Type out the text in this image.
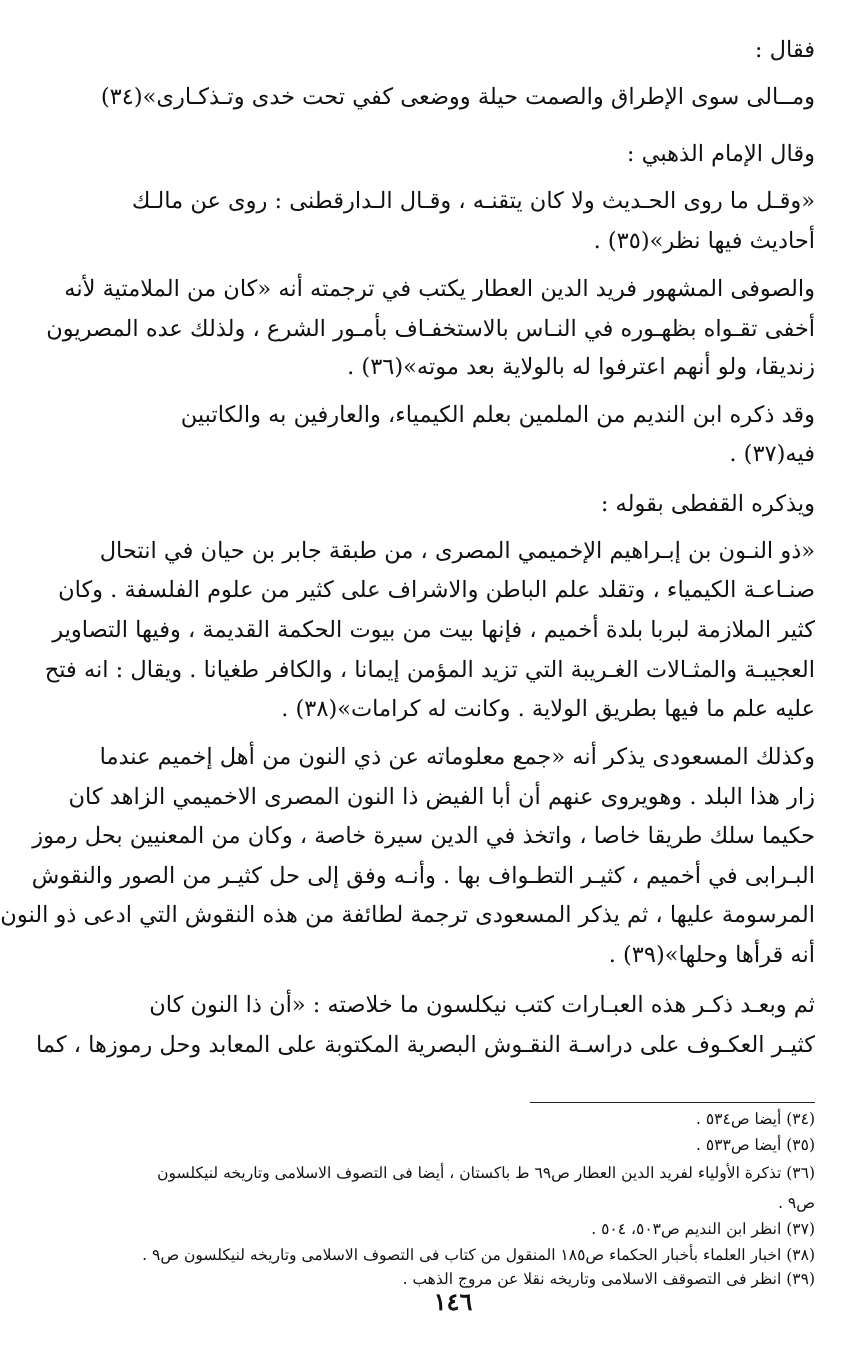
فقال :
ومــالى سوى الإطراق والصمت حيلة ووضعى كفي تحت خدى وتـذكـارى»(٣٤)
وقال الإمام الذهبي :
«وقـل ما روى الحـديث ولا كان يتقنـه ، وقـال الـدارقطنى : روى عن مالـك
أحاديث فيها نظر»(٣٥) .
والصوفى المشهور فريد الدين العطار يكتب في ترجمته أنه «كان من الملامتية لأنه
أخفى تقـواه بظهـوره في النـاس بالاستخفـاف بأمـور الشرع ، ولذلك عده المصريون
زنديقا، ولو أنهم اعترفوا له بالولاية بعد موته»(٣٦) .
وقد ذكره ابن النديم من الملمين بعلم الكيمياء، والعارفين به والكاتبين
فيه(٣٧) .
ويذكره القفطى بقوله :
«ذو النـون بن إبـراهيم الإخميمي المصرى ، من طبقة جابر بن حيان في انتحال
صنـاعـة الكيمياء ، وتقلد علم الباطن والاشراف على كثير من علوم الفلسفة . وكان
كثير الملازمة لبربا بلدة أخميم ، فإنها بيت من بيوت الحكمة القديمة ، وفيها التصاوير
العجيبـة والمثـالات الغـريبة التي تزيد المؤمن إيمانا ، والكافر طغيانا . ويقال : انه فتح
عليه علم ما فيها بطريق الولاية . وكانت له كرامات»(٣٨) .
وكذلك المسعودى يذكر أنه «جمع معلوماته عن ذي النون من أهل إخميم عندما
زار هذا البلد . وهويروى عنهم أن أبا الفيض ذا النون المصرى الاخميمي الزاهد كان
حكيما سلك طريقا خاصا ، واتخذ في الدين سيرة خاصة ، وكان من المعنيين بحل رموز
البـرابى في أخميم ، كثيـر التطـواف بها . وأنـه وفق إلى حل كثيـر من الصور والنقوش
المرسومة عليها ، ثم يذكر المسعودى ترجمة لطائفة من هذه النقوش التي ادعى ذو النون
أنه قرأها وحلها»(٣٩) .
ثم وبعـد ذكـر هذه العبـارات كتب نيكلسون ما خلاصته : «أن ذا النون كان
كثيـر العكـوف على دراسـة النقـوش البصرية المكتوبة على المعابد وحل رموزها ، كما
(٣٤) أيضا ص٥٣٤ .
(٣٥) أيضا ص٥٣٣ .
(٣٦) تذكرة الأولياء لفريد الدين العطار ص٦٩ ط باكستان ، أيضا فى التصوف الاسلامى وتاريخه لنيكلسون
ص٩ .
(٣٧) انظر ابن النديم ص٥٠٣، ٥٠٤ .
(٣٨) اخبار العلماء بأخبار الحكماء ص١٨٥ المنقول من كتاب فى التصوف الاسلامى وتاريخه لنيكلسون ص٩ .
(٣٩) انظر فى التصوقف الاسلامى وتاريخه نقلا عن مروج الذهب .
١٤٦
